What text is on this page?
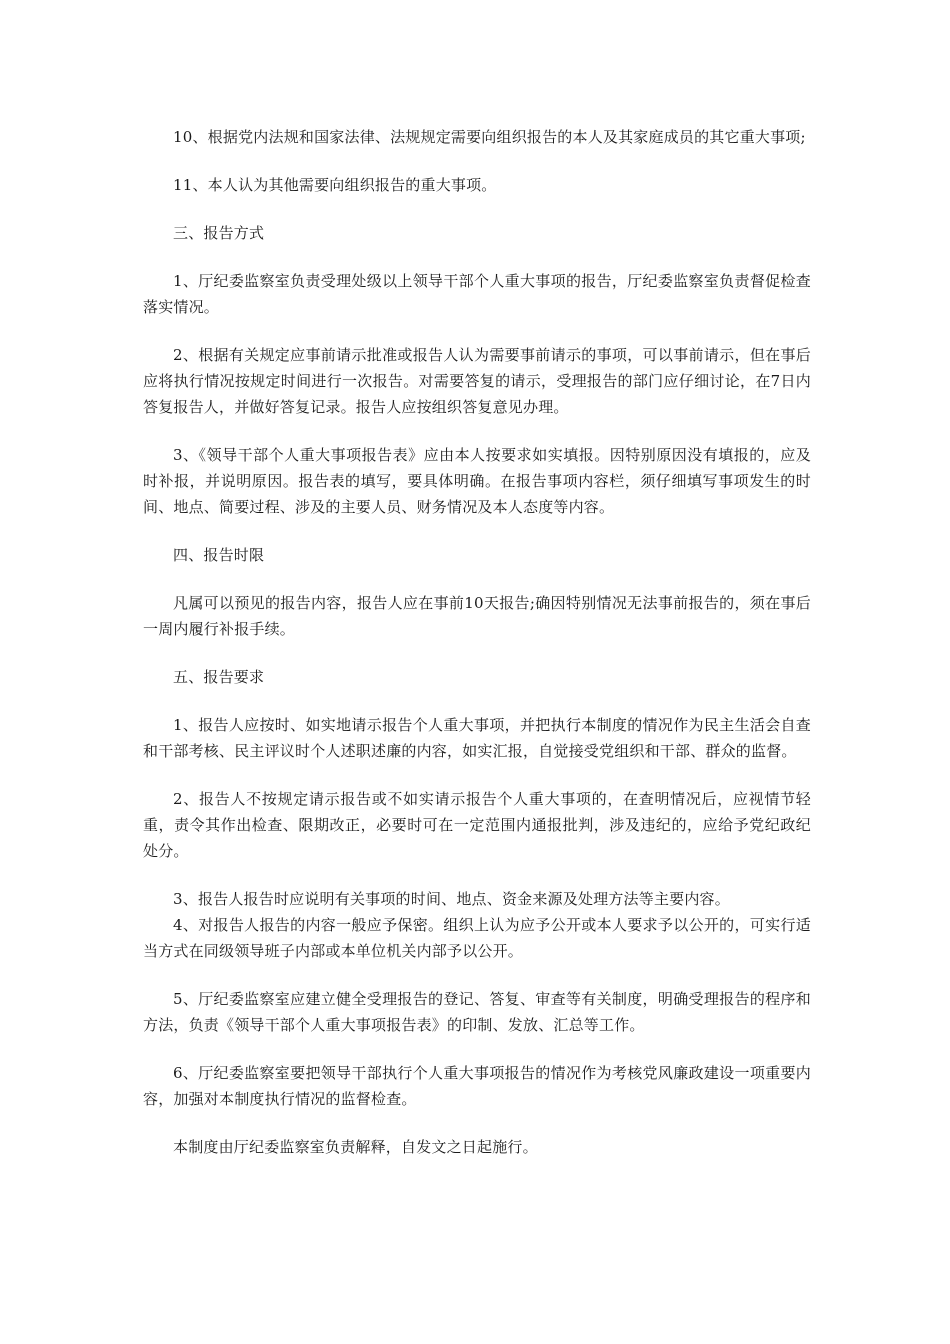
10、根据党内法规和国家法律、法规规定需要向组织报告的本人及其家庭成员的其它重大事项;

11、本人认为其他需要向组织报告的重大事项。

三、报告方式

1、厅纪委监察室负责受理处级以上领导干部个人重大事项的报告，厅纪委监察室负责督促检查落实情况。

2、根据有关规定应事前请示批准或报告人认为需要事前请示的事项，可以事前请示，但在事后应将执行情况按规定时间进行一次报告。对需要答复的请示，受理报告的部门应仔细讨论，在7日内答复报告人，并做好答复记录。报告人应按组织答复意见办理。

3、《领导干部个人重大事项报告表》应由本人按要求如实填报。因特别原因没有填报的，应及时补报，并说明原因。报告表的填写，要具体明确。在报告事项内容栏，须仔细填写事项发生的时间、地点、简要过程、涉及的主要人员、财务情况及本人态度等内容。

四、报告时限

凡属可以预见的报告内容，报告人应在事前10天报告;确因特别情况无法事前报告的，须在事后一周内履行补报手续。

五、报告要求

1、报告人应按时、如实地请示报告个人重大事项，并把执行本制度的情况作为民主生活会自查和干部考核、民主评议时个人述职述廉的内容，如实汇报，自觉接受党组织和干部、群众的监督。

2、报告人不按规定请示报告或不如实请示报告个人重大事项的，在查明情况后，应视情节轻重，责令其作出检查、限期改正，必要时可在一定范围内通报批判，涉及违纪的，应给予党纪政纪处分。

3、报告人报告时应说明有关事项的时间、地点、资金来源及处理方法等主要内容。

4、对报告人报告的内容一般应予保密。组织上认为应予公开或本人要求予以公开的，可实行适当方式在同级领导班子内部或本单位机关内部予以公开。

5、厅纪委监察室应建立健全受理报告的登记、答复、审查等有关制度，明确受理报告的程序和方法，负责《领导干部个人重大事项报告表》的印制、发放、汇总等工作。

6、厅纪委监察室要把领导干部执行个人重大事项报告的情况作为考核党风廉政建设一项重要内容，加强对本制度执行情况的监督检查。

本制度由厅纪委监察室负责解释，自发文之日起施行。
